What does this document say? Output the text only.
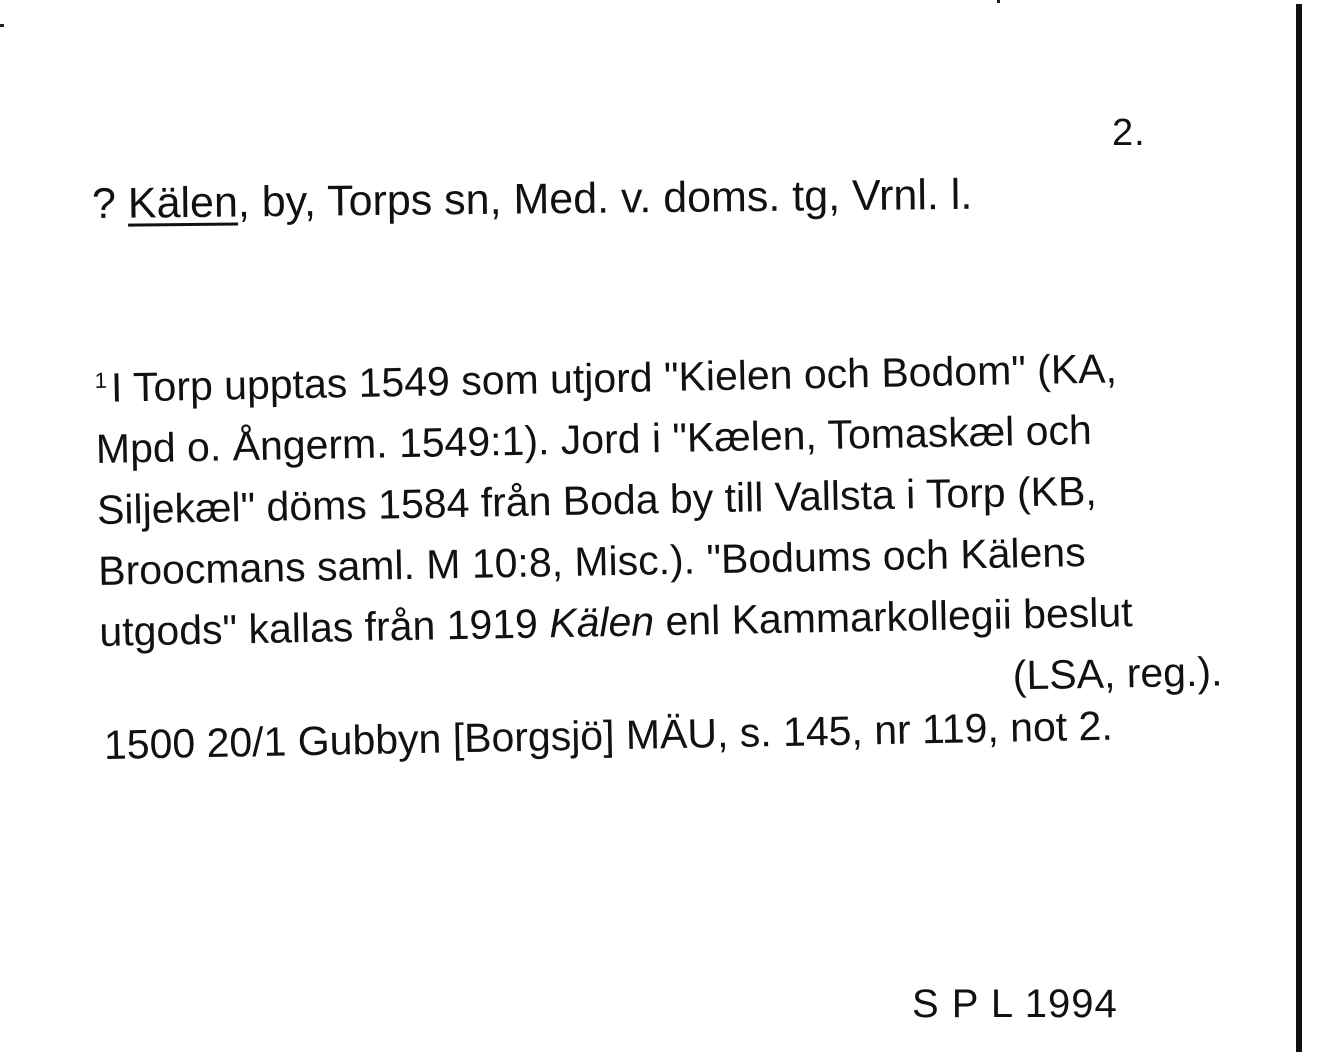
2.
? Kälen, by, Torps sn, Med. v. doms. tg, Vrnl. l.
$^1$I Torp upptas 1549 som utjord "Kielen och Bodom" (KA,
Mpd o. Ångerm. 1549:1). Jord i "Kælen, Tomaskæl och
Siljekæl" döms 1584 från Boda by till Vallsta i Torp (KB,
Broocmans saml. M 10:8, Misc.). "Bodums och Kälens
utgods" kallas från 1919 Kälen enl Kammarkollegii beslut
(LSA, reg.).
1500 20/1 Gubbyn [Borgsjö] MÄU, s. 145, nr 119, not 2.
S P L 1994
